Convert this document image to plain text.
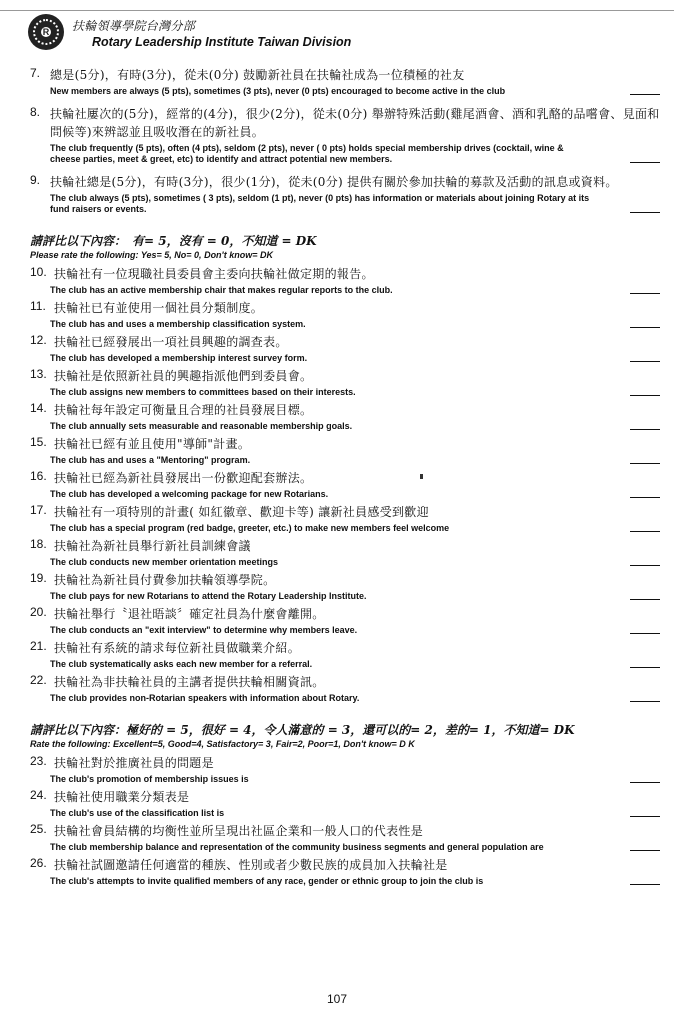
R	扶輪領導學院台灣分部
Rotary Leadership Institute Taiwan Division
7. 總是(5分)，有時(3分)，從未(0分) 鼓勵新社員在扶輪社成為一位積極的社友
New members are always (5 pts), sometimes (3 pts), never (0 pts) encouraged to become active in the club
8. 扶輪社屢次的(5分)，經常的(4分)，很少(2分)，從未(0分) 舉辦特殊活動(雞尾酒會、酒和乳酪的品嚐會、見面和問候等)來辨認並且吸收潛在的新社員。
The club frequently (5 pts), often (4 pts), seldom (2 pts), never ( 0 pts) holds special membership drives (cocktail, wine & cheese parties, meet & greet, etc) to identify and attract potential new members.
9. 扶輪社總是(5分)，有時(3分)，很少(1分)，從未(0分) 提供有關於參加扶輪的募款及活動的訊息或資料。
The club always (5 pts), sometimes ( 3 pts), seldom (1 pt), never (0 pts) has information or materials about joining Rotary at its fund raisers or events.
請評比以下內容：　有= 5，沒有 = 0，不知道 = DK
Please rate the following: Yes= 5, No= 0, Don't know= DK
10. 扶輪社有一位現職社員委員會主委向扶輪社做定期的報告。
The club has an active membership chair that makes regular reports to the club.
11. 扶輪社已有並使用一個社員分類制度。
The club has and uses a membership classification system.
12. 扶輪社已經發展出一項社員興趣的調查表。
The club has developed a membership interest survey form.
13. 扶輪社是依照新社員的興趣指派他們到委員會。
The club assigns new members to committees based on their interests.
14. 扶輪社每年設定可衡量且合理的社員發展目標。
The club annually sets measurable and reasonable membership goals.
15. 扶輪社已經有並且使用"導師"計畫。
The club has and uses a "Mentoring" program.
16. 扶輪社已經為新社員發展出一份歡迎配套辦法。
The club has developed a welcoming package for new Rotarians.
17. 扶輪社有一項特別的計畫( 如紅徽章、歡迎卡等) 讓新社員感受到歡迎
The club has a special program (red badge, greeter, etc.) to make new members feel welcome
18. 扶輪社為新社員舉行新社員訓練會議
The club conducts new member orientation meetings
19. 扶輪社為新社員付費參加扶輪領導學院。
The club pays for new Rotarians to attend the Rotary Leadership Institute.
20. 扶輪社舉行〝退社晤談〞確定社員為什麼會離開。
The club conducts an "exit interview" to determine why members leave.
21. 扶輪社有系統的請求每位新社員做職業介紹。
The club systematically asks each new member for a referral.
22. 扶輪社為非扶輪社員的主講者提供扶輪相關資訊。
The club provides non-Rotarian speakers with information about Rotary.
請評比以下內容：極好的 = 5，很好 = 4，令人滿意的 = 3，還可以的= 2，差的= 1，不知道= DK
Rate the following: Excellent=5, Good=4, Satisfactory= 3, Fair=2, Poor=1, Don't know= D K
23. 扶輪社對於推廣社員的問題是
The club's promotion of membership issues is
24. 扶輪社使用職業分類表是
The club's use of the classification list is
25. 扶輪社會員結構的均衡性並所呈現出社區企業和一般人口的代表性是
The club membership balance and representation of the community business segments and general population are
26. 扶輪社試圖邀請任何適當的種族、性別或者少數民族的成員加入扶輪社是
The club's attempts to invite qualified members of any race, gender or ethnic group to join the club is
107
